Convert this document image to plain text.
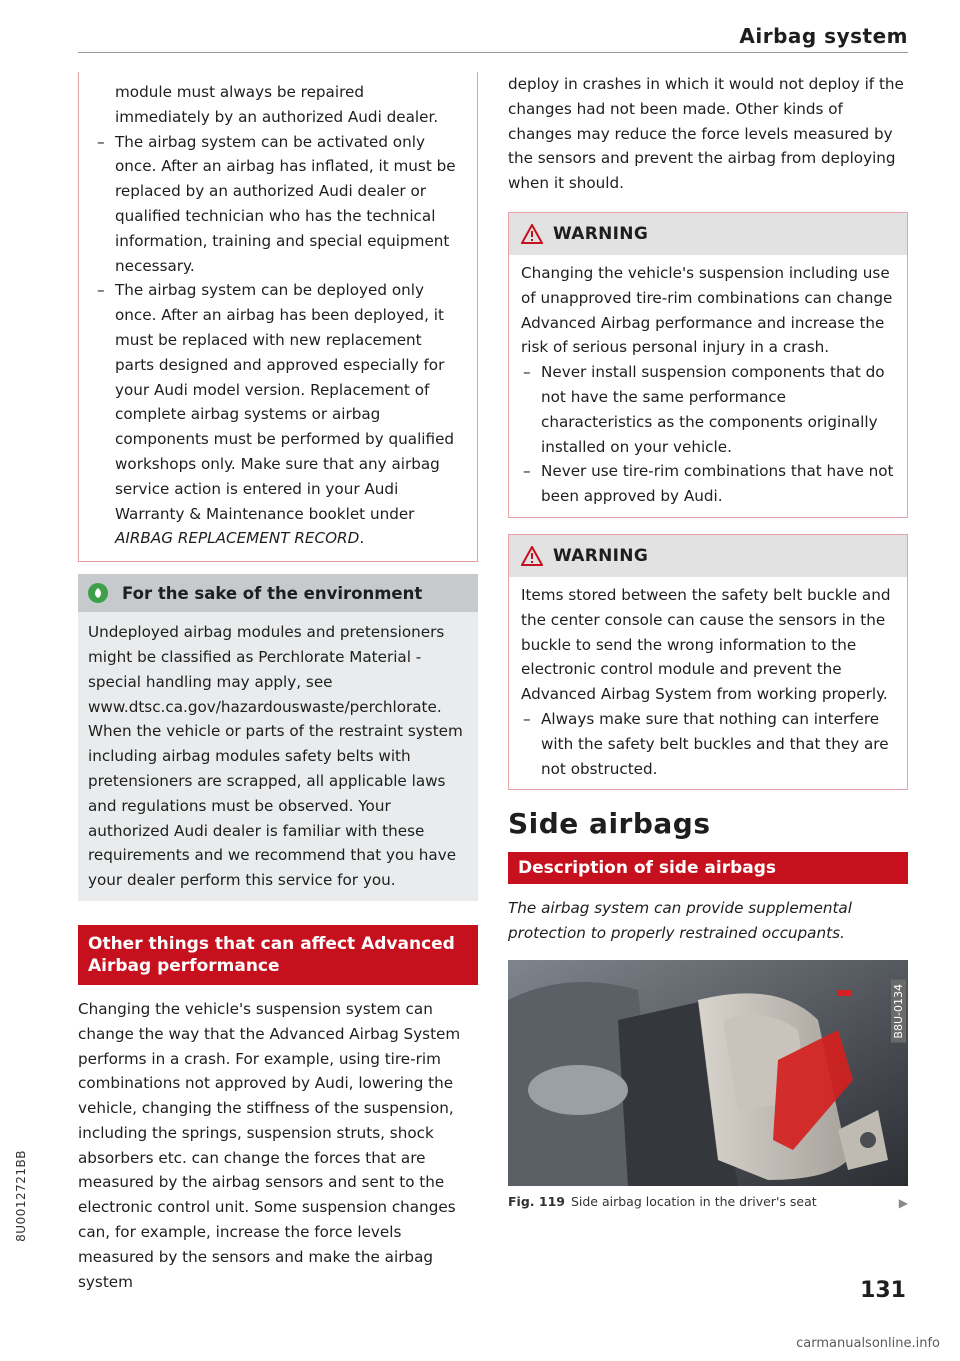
Airbag system
module must always be repaired
immediately by an authorized Audi dealer.
– The airbag system can be activated only once. After an airbag has inflated, it must be replaced by an authorized Audi dealer or qualified technician who has the technical information, training and special equipment necessary.
– The airbag system can be deployed only once. After an airbag has been deployed, it must be replaced with new replacement parts designed and approved especially for your Audi model version. Replacement of complete airbag systems or airbag components must be performed by qualified workshops only. Make sure that any airbag service action is entered in your Audi Warranty & Maintenance booklet under AIRBAG REPLACEMENT RECORD.
For the sake of the environment

Undeployed airbag modules and pretensioners might be classified as Perchlorate Material -special handling may apply, see www.dtsc.ca.gov/hazardouswaste/perchlorate. When the vehicle or parts of the restraint system including airbag modules safety belts with pretensioners are scrapped, all applicable laws and regulations must be observed. Your authorized Audi dealer is familiar with these requirements and we recommend that you have your dealer perform this service for you.

Other things that can affect Advanced
Airbag performance

Changing the vehicle's suspension system can change the way that the Advanced Airbag System performs in a crash. For example, using tire-rim combinations not approved by Audi, lowering the vehicle, changing the stiffness of the suspension, including the springs, suspension struts, shock absorbers etc. can change the forces that are measured by the airbag sensors and sent to the electronic control unit. Some suspension changes can, for example, increase the force levels measured by the sensors and make the airbag system

deploy in crashes in which it would not deploy if the changes had not been made. Other kinds of changes may reduce the force levels measured by the sensors and prevent the airbag from deploying when it should.

WARNING

Changing the vehicle's suspension including use of unapproved tire-rim combinations can change Advanced Airbag performance and increase the risk of serious personal injury in a crash.

– Never install suspension components that do not have the same performance characteristics as the components originally installed on your vehicle.
– Never use tire-rim combinations that have not been approved by Audi.
WARNING

Items stored between the safety belt buckle and the center console can cause the sensors in the buckle to send the wrong information to the electronic control module and prevent the Advanced Airbag System from working properly.

– Always make sure that nothing can interfere with the safety belt buckles and that they are not obstructed.
Side airbags
Description of side airbags

The airbag system can provide supplemental protection to properly restrained occupants.

B8U-0134
Fig. 119 Side airbag location in the driver's seat	▶
8U0012721BB
131
carmanualsonline.info
